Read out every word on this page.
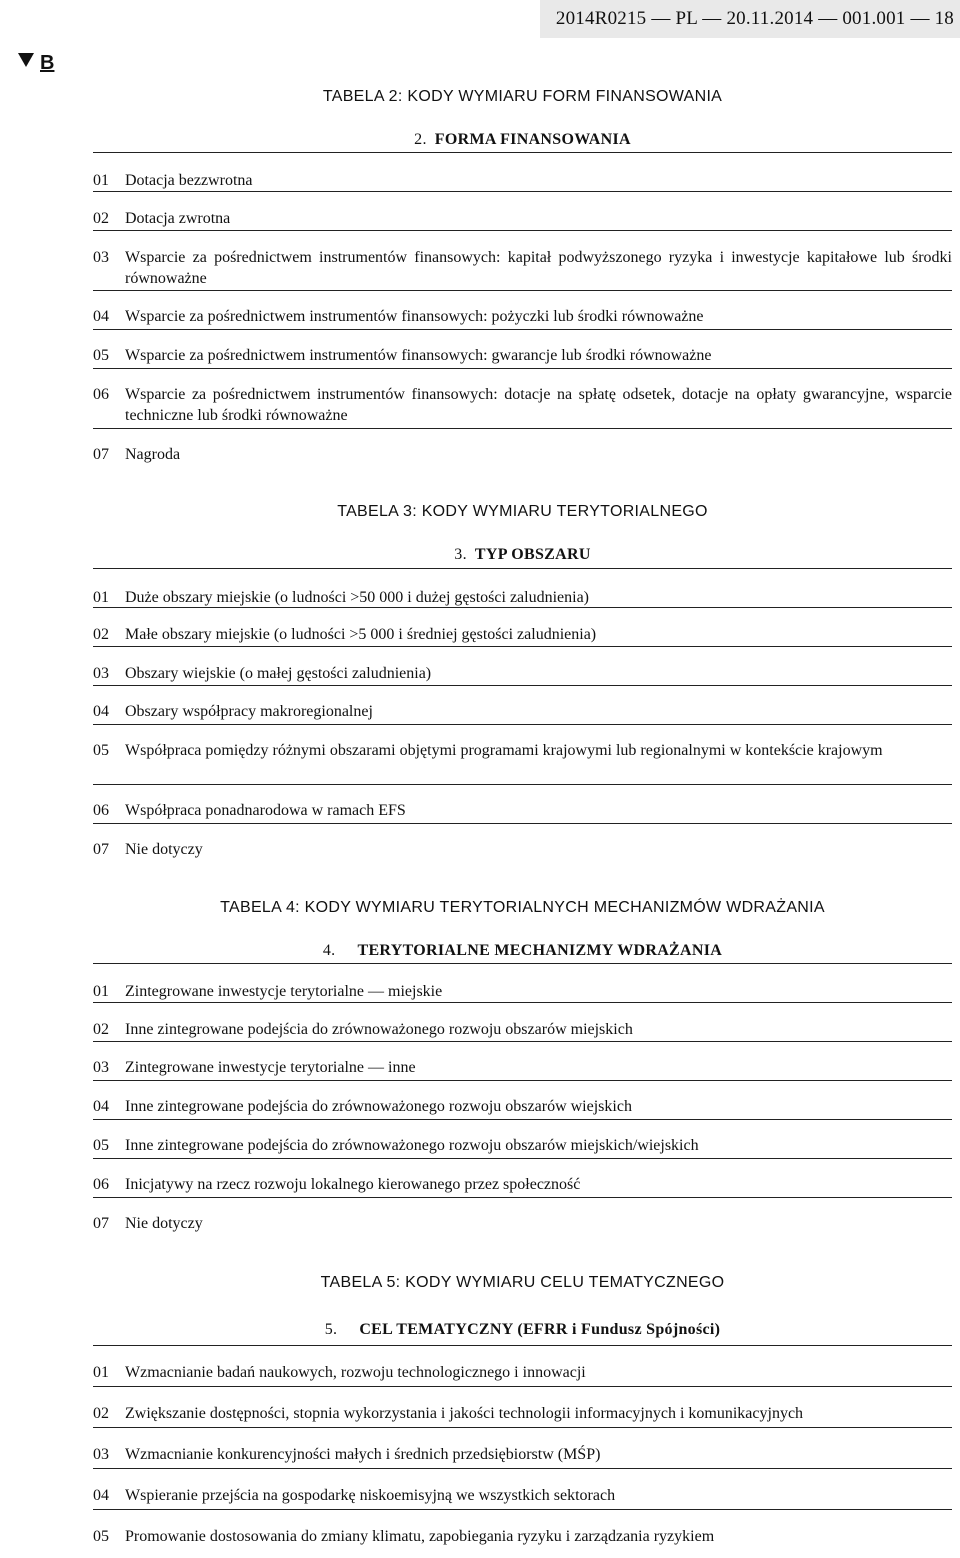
2014R0215 — PL — 20.11.2014 — 001.001 — 18
B
TABELA 2: KODY WYMIARU FORM FINANSOWANIA
2. FORMA FINANSOWANIA
01	Dotacja bezzwrotna
02	Dotacja zwrotna
03	Wsparcie za pośrednictwem instrumentów finansowych: kapitał podwyższonego ryzyka i inwestycje kapitałowe lub środki równoważne
04	Wsparcie za pośrednictwem instrumentów finansowych: pożyczki lub środki równoważne
05	Wsparcie za pośrednictwem instrumentów finansowych: gwarancje lub środki równoważne
06	Wsparcie za pośrednictwem instrumentów finansowych: dotacje na spłatę odsetek, dotacje na opłaty gwarancyjne, wsparcie techniczne lub środki równoważne
07	Nagroda
TABELA 3: KODY WYMIARU TERYTORIALNEGO
3. TYP OBSZARU
01	Duże obszary miejskie (o ludności >50 000 i dużej gęstości zaludnienia)
02	Małe obszary miejskie (o ludności >5 000 i średniej gęstości zaludnienia)
03	Obszary wiejskie (o małej gęstości zaludnienia)
04	Obszary współpracy makroregionalnej
05	Współpraca pomiędzy różnymi obszarami objętymi programami krajowymi lub regionalnymi w kontekście krajowym
06	Współpraca ponadnarodowa w ramach EFS
07	Nie dotyczy
TABELA 4: KODY WYMIARU TERYTORIALNYCH MECHANIZMÓW WDRAŻANIA
4. TERYTORIALNE MECHANIZMY WDRAŻANIA
01	Zintegrowane inwestycje terytorialne — miejskie
02	Inne zintegrowane podejścia do zrównoważonego rozwoju obszarów miejskich
03	Zintegrowane inwestycje terytorialne — inne
04	Inne zintegrowane podejścia do zrównoważonego rozwoju obszarów wiejskich
05	Inne zintegrowane podejścia do zrównoważonego rozwoju obszarów miejskich/wiejskich
06	Inicjatywy na rzecz rozwoju lokalnego kierowanego przez społeczność
07	Nie dotyczy
TABELA 5: KODY WYMIARU CELU TEMATYCZNEGO
5. CEL TEMATYCZNY (EFRR i Fundusz Spójności)
01	Wzmacnianie badań naukowych, rozwoju technologicznego i innowacji
02	Zwiększanie dostępności, stopnia wykorzystania i jakości technologii informacyjnych i komunikacyjnych
03	Wzmacnianie konkurencyjności małych i średnich przedsiębiorstw (MŚP)
04	Wspieranie przejścia na gospodarkę niskoemisyjną we wszystkich sektorach
05	Promowanie dostosowania do zmiany klimatu, zapobiegania ryzyku i zarządzania ryzykiem
